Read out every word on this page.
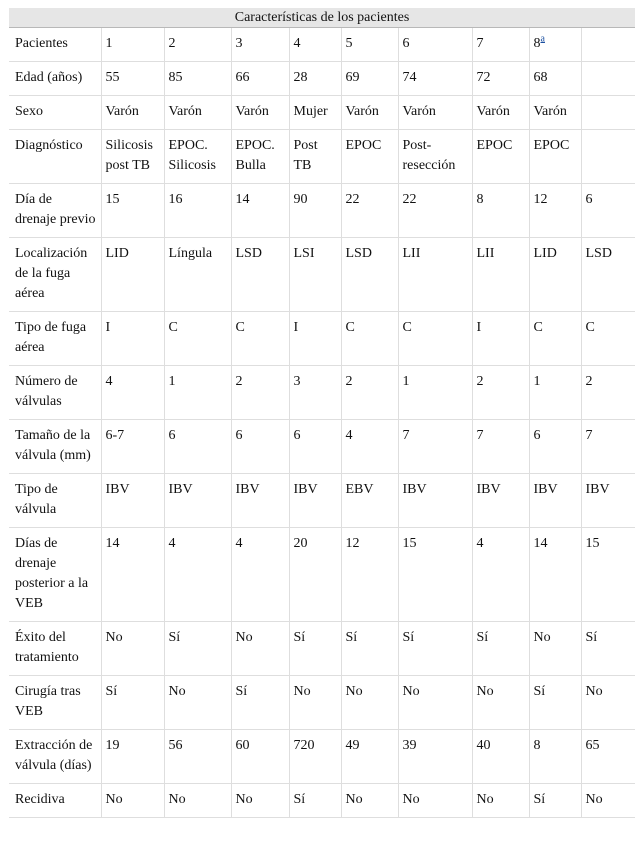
Características de los pacientes									
Pacientes	1	2	3	4	5	6	7	8$^a$	
Edad (años)	55	85	66	28	69	74	72	68	
Sexo	Varón	Varón	Varón	Mujer	Varón	Varón	Varón	Varón	
Diagnóstico	Silicosis post TB	EPOC. Silicosis	EPOC. Bulla	Post TB	EPOC	Post-resección	EPOC	EPOC	
Día de drenaje previo	15	16	14	90	22	22	8	12	6
Localización de la fuga aérea	LID	Língula	LSD	LSI	LSD	LII	LII	LID	LSD
Tipo de fuga aérea	I	C	C	I	C	C	I	C	C
Número de válvulas	4	1	2	3	2	1	2	1	2
Tamaño de la válvula (mm)	6-7	6	6	6	4	7	7	6	7
Tipo de válvula	IBV	IBV	IBV	IBV	EBV	IBV	IBV	IBV	IBV
Días de drenaje posterior a la VEB	14	4	4	20	12	15	4	14	15
Éxito del tratamiento	No	Sí	No	Sí	Sí	Sí	Sí	No	Sí
Cirugía tras VEB	Sí	No	Sí	No	No	No	No	Sí	No
Extracción de válvula (días)	19	56	60	720	49	39	40	8	65
Recidiva	No	No	No	Sí	No	No	No	Sí	No
